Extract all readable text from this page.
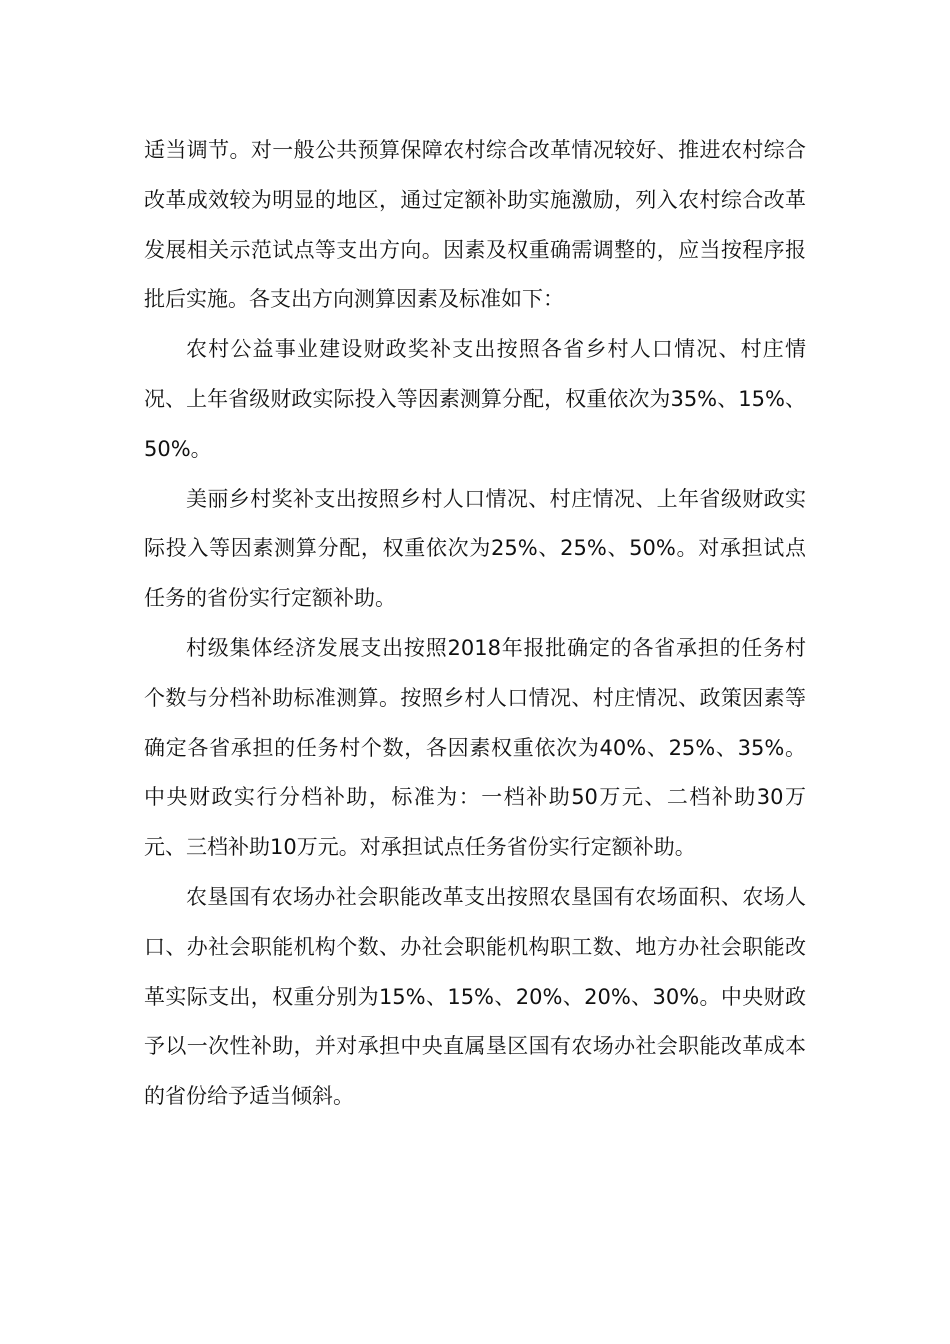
适当调节。对一般公共预算保障农村综合改革情况较好、推进农村综合改革成效较为明显的地区，通过定额补助实施激励，列入农村综合改革发展相关示范试点等支出方向。因素及权重确需调整的，应当按程序报批后实施。各支出方向测算因素及标准如下：

农村公益事业建设财政奖补支出按照各省乡村人口情况、村庄情况、上年省级财政实际投入等因素测算分配，权重依次为35%、15%、50%。

美丽乡村奖补支出按照乡村人口情况、村庄情况、上年省级财政实际投入等因素测算分配，权重依次为25%、25%、50%。对承担试点任务的省份实行定额补助。

村级集体经济发展支出按照2018年报批确定的各省承担的任务村个数与分档补助标准测算。按照乡村人口情况、村庄情况、政策因素等确定各省承担的任务村个数，各因素权重依次为40%、25%、35%。中央财政实行分档补助，标准为：一档补助50万元、二档补助30万元、三档补助10万元。对承担试点任务省份实行定额补助。

农垦国有农场办社会职能改革支出按照农垦国有农场面积、农场人口、办社会职能机构个数、办社会职能机构职工数、地方办社会职能改革实际支出，权重分别为15%、15%、20%、20%、30%。中央财政予以一次性补助，并对承担中央直属垦区国有农场办社会职能改革成本的省份给予适当倾斜。
